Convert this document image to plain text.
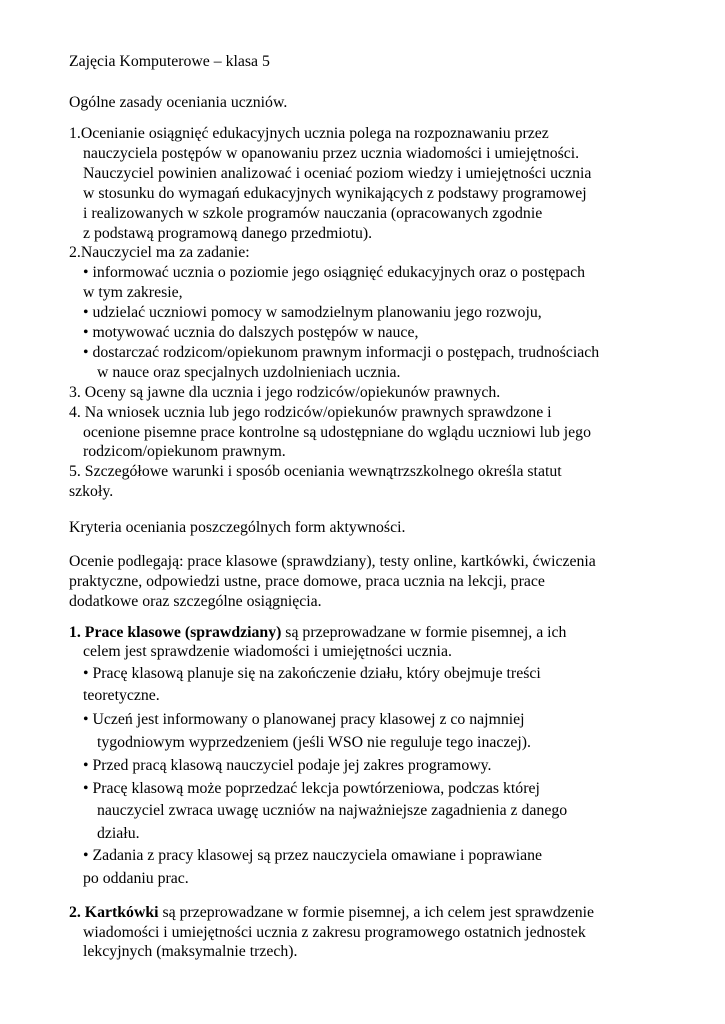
Zajęcia Komputerowe – klasa 5
Ogólne zasady oceniania uczniów.
1.Ocenianie osiągnięć edukacyjnych ucznia polega na rozpoznawaniu przez
nauczyciela postępów w opanowaniu przez ucznia wiadomości i umiejętności.
Nauczyciel powinien analizować i oceniać poziom wiedzy i umiejętności ucznia
w stosunku do wymagań edukacyjnych wynikających z podstawy programowej
i realizowanych w szkole programów nauczania (opracowanych zgodnie
z podstawą programową danego przedmiotu).
2.Nauczyciel ma za zadanie:
• informować ucznia o poziomie jego osiągnięć edukacyjnych oraz o postępach
w tym zakresie,
• udzielać uczniowi pomocy w samodzielnym planowaniu jego rozwoju,
• motywować ucznia do dalszych postępów w nauce,
• dostarczać rodzicom/opiekunom prawnym informacji o postępach, trudnościach
w nauce oraz specjalnych uzdolnieniach ucznia.
3. Oceny są jawne dla ucznia i jego rodziców/opiekunów prawnych.
4. Na wniosek ucznia lub jego rodziców/opiekunów prawnych sprawdzone i
ocenione pisemne prace kontrolne są udostępniane do wglądu uczniowi lub jego
rodzicom/opiekunom prawnym.
5. Szczegółowe warunki i sposób oceniania wewnątrzszkolnego określa statut
szkoły.
Kryteria oceniania poszczególnych form aktywności.
Ocenie podlegają: prace klasowe (sprawdziany), testy online, kartkówki, ćwiczenia
praktyczne, odpowiedzi ustne, prace domowe, praca ucznia na lekcji, prace
dodatkowe oraz szczególne osiągnięcia.
1. Prace klasowe (sprawdziany) są przeprowadzane w formie pisemnej, a ich
celem jest sprawdzenie wiadomości i umiejętności ucznia.
• Pracę klasową planuje się na zakończenie działu, który obejmuje treści
teoretyczne.
• Uczeń jest informowany o planowanej pracy klasowej z co najmniej
tygodniowym wyprzedzeniem (jeśli WSO nie reguluje tego inaczej).
• Przed pracą klasową nauczyciel podaje jej zakres programowy.
• Pracę klasową może poprzedzać lekcja powtórzeniowa, podczas której
nauczyciel zwraca uwagę uczniów na najważniejsze zagadnienia z danego
działu.
• Zadania z pracy klasowej są przez nauczyciela omawiane i poprawiane
po oddaniu prac.
2. Kartkówki są przeprowadzane w formie pisemnej, a ich celem jest sprawdzenie
wiadomości i umiejętności ucznia z zakresu programowego ostatnich jednostek
lekcyjnych (maksymalnie trzech).
